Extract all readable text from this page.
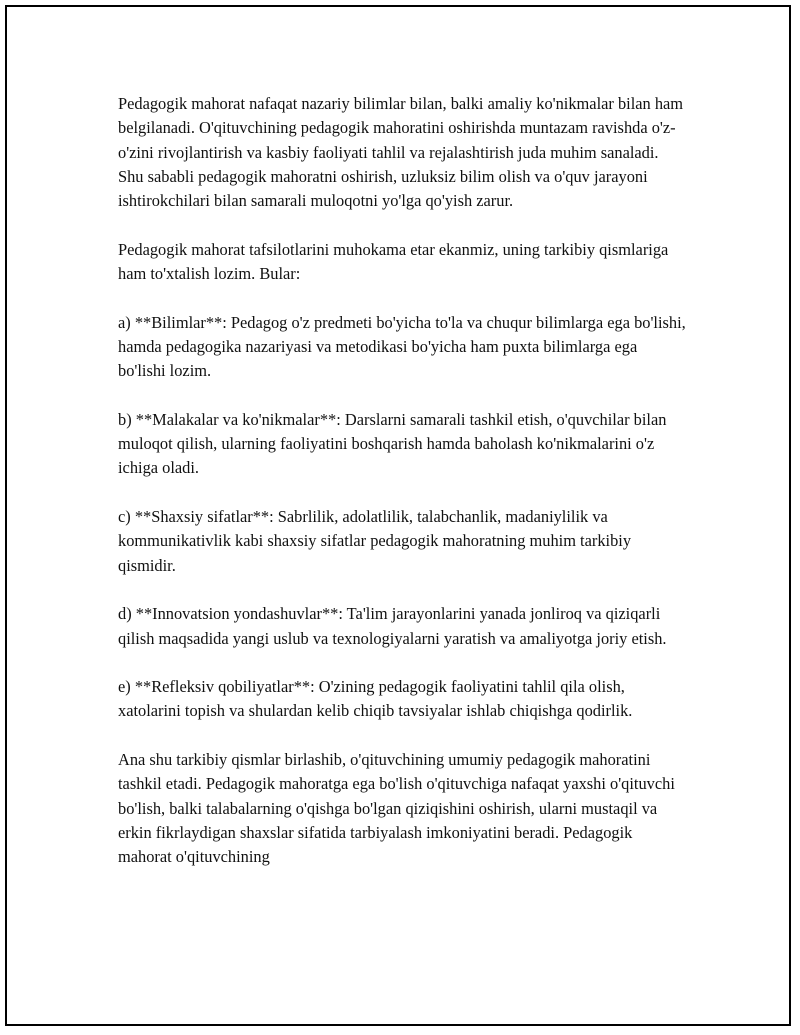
Pedagogik mahorat nafaqat nazariy bilimlar bilan, balki amaliy ko'nikmalar bilan ham belgilanadi. O'qituvchining pedagogik mahoratini oshirishda muntazam ravishda o'z-o'zini rivojlantirish va kasbiy faoliyati tahlil va rejalashtirish juda muhim sanaladi. Shu sababli pedagogik mahoratni oshirish, uzluksiz bilim olish va o'quv jarayoni ishtirokchilari bilan samarali muloqotni yo'lga qo'yish zarur.

Pedagogik mahorat tafsilotlarini muhokama etar ekanmiz, uning tarkibiy qismlariga ham to'xtalish lozim. Bular:

a) **Bilimlar**: Pedagog o'z predmeti bo'yicha to'la va chuqur bilimlarga ega bo'lishi, hamda pedagogika nazariyasi va metodikasi bo'yicha ham puxta bilimlarga ega bo'lishi lozim.

b) **Malakalar va ko'nikmalar**: Darslarni samarali tashkil etish, o'quvchilar bilan muloqot qilish, ularning faoliyatini boshqarish hamda baholash ko'nikmalarini o'z ichiga oladi.

c) **Shaxsiy sifatlar**: Sabrlilik, adolatlilik, talabchanlik, madaniylilik va kommunikativlik kabi shaxsiy sifatlar pedagogik mahoratning muhim tarkibiy qismidir.

d) **Innovatsion yondashuvlar**: Ta'lim jarayonlarini yanada jonliroq va qiziqarli qilish maqsadida yangi uslub va texnologiyalarni yaratish va amaliyotga joriy etish.

e) **Refleksiv qobiliyatlar**: O'zining pedagogik faoliyatini tahlil qila olish, xatolarini topish va shulardan kelib chiqib tavsiyalar ishlab chiqishga qodirlik.

Ana shu tarkibiy qismlar birlashib, o'qituvchining umumiy pedagogik mahoratini tashkil etadi. Pedagogik mahoratga ega bo'lish o'qituvchiga nafaqat yaxshi o'qituvchi bo'lish, balki talabalarning o'qishga bo'lgan qiziqishini oshirish, ularni mustaqil va erkin fikrlaydigan shaxslar sifatida tarbiyalash imkoniyatini beradi. Pedagogik mahorat o'qituvchining
